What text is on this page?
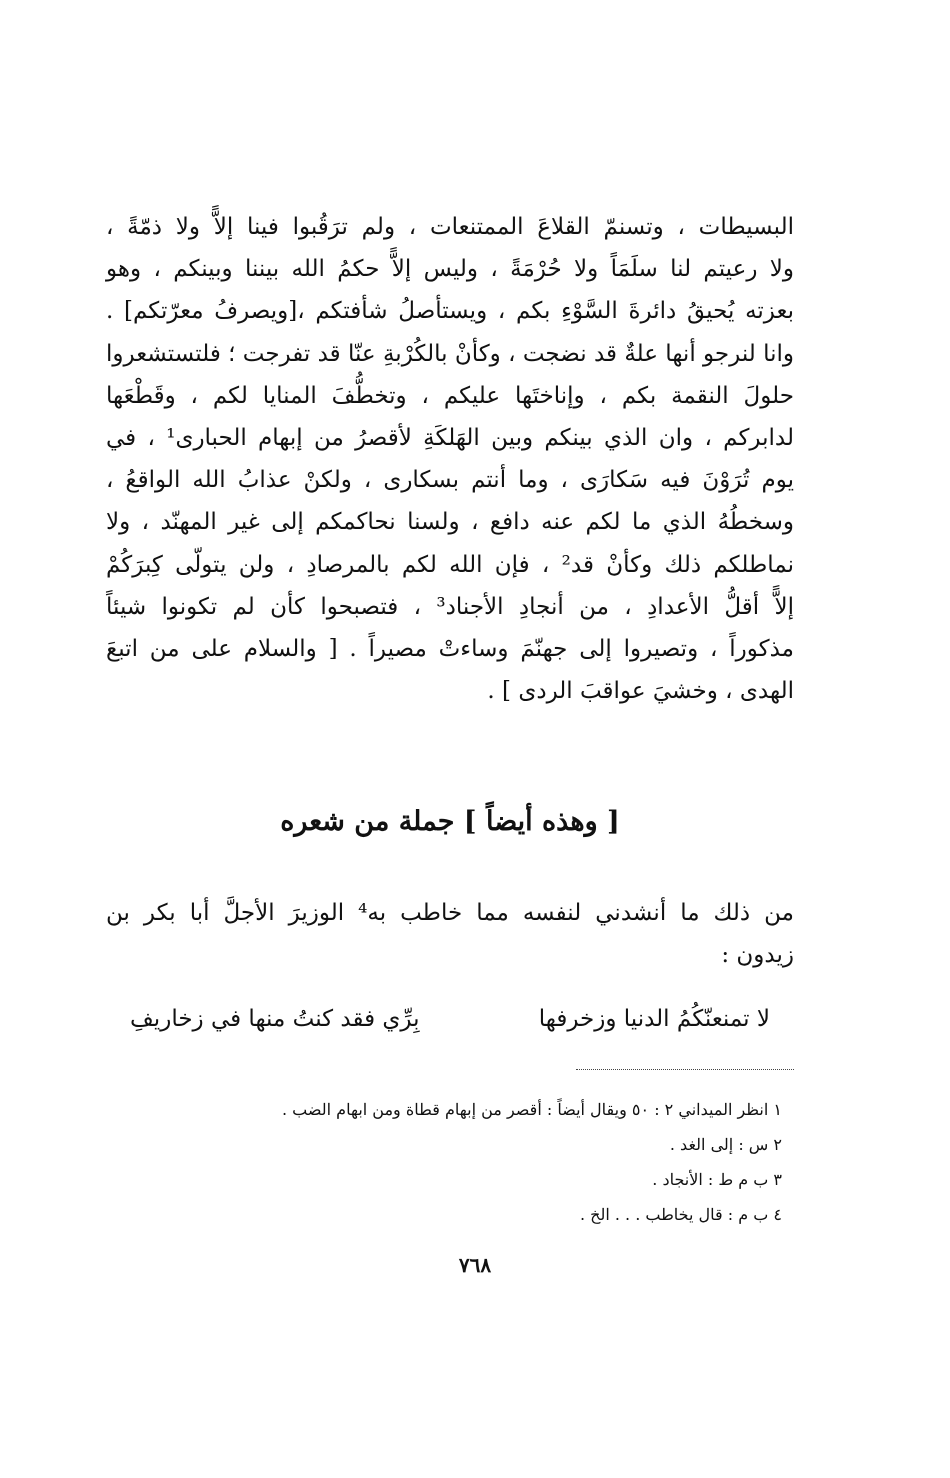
البسيطات ، وتسنمّ القلاعَ الممتنعات ، ولم ترَقُبوا فينا إلاًّ ولا ذمّةً ،
ولا رعيتم لنا سلَمَاً ولا حُرْمَةً ، وليس إلاًّ حكمُ الله بيننا وبينكم ، وهو
بعزته يُحيقُ دائرةَ السَّوْءِ بكم ، ويستأصلُ شأفتكم ،[ويصرفُ معرّتكم] .
وانا لنرجو أنها علةٌ قد نضجت ، وكأنْ بالكُرْبةِ عنّا قد تفرجت ؛ فلتستشعروا
حلولَ النقمة بكم ، وإناختَها عليكم ، وتخطُّفَ المنايا لكم ، وقَطْعَها
لدابركم ، وان الذي بينكم وبين الهَلكَةِ لأقصرُ من إبهام الحبارى¹ ، في
يوم تُرَوْنَ فيه سَكارَى ، وما أنتم بسكارى ، ولكنْ عذابُ الله الواقعُ ،
وسخطُهُ الذي ما لكم عنه دافع ، ولسنا نحاكمكم إلى غير المهنّد ، ولا
نماطلكم ذلك وكأنْ قد² ، فإن الله لكم بالمرصادِ ، ولن يتولّى كِبرَكُمْ
إلاًّ أقلُّ الأعدادِ ، من أنجادِ الأجناد³ ، فتصبحوا كأن لم تكونوا شيئاً
مذكوراً ، وتصيروا إلى جهنّمَ وساءتْ مصيراً . [ والسلام على من اتبعَ
الهدى ، وخشيَ عواقبَ الردى ] .
[ وهذه أيضاً ] جملة من شعره
من ذلك ما أنشدني لنفسه مما خاطب به⁴ الوزيرَ الأجلَّ أبا بكر بن
زيدون :
لا تمنعنّكُمُ الدنيا وزخرفها
بِرِّي فقد كنتُ منها في زخاريفِ
١ انظر الميداني ٢ : ٥٠ ويقال أيضاً : أقصر من إبهام قطاة ومن ابهام الضب .
٢ س : إلى الغد .
٣ ب م ط : الأنجاد .
٤ ب م : قال يخاطب . . . الخ .
٧٦٨
